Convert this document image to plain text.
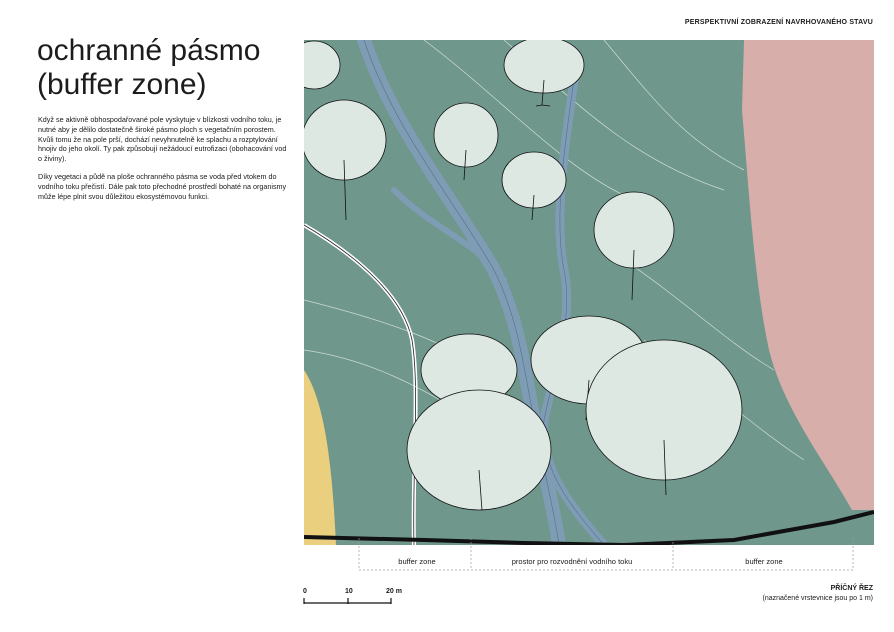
PERSPEKTIVNÍ ZOBRAZENÍ NAVRHOVANÉHO STAVU
ochranné pásmo
(buffer zone)
Když se aktivně obhospodařované pole vyskytuje v blízkosti vodního toku, je nutné aby je dělilo dostatečně široké pásmo ploch s vegetačním porostem. Kvůli tomu že na pole prší, dochází nevyhnutelně ke splachu a rozptylování hnojiv do jeho okolí. Ty pak způsobují nežádoucí eutrofizaci (obohacování vod o živiny).
Díky vegetaci a půdě na ploše ochranného pásma se voda před vtokem do vodního toku přečistí. Dále pak toto přechodné prostředí bohaté na organismy může lépe plnit svou důležitou ekosystémovou funkci.
buffer zone	prostor pro rozvodnění vodního toku	buffer zone
0	10	20 m	PŘÍČNÝ ŘEZ
(naznačené vrstevnice jsou po 1 m)
